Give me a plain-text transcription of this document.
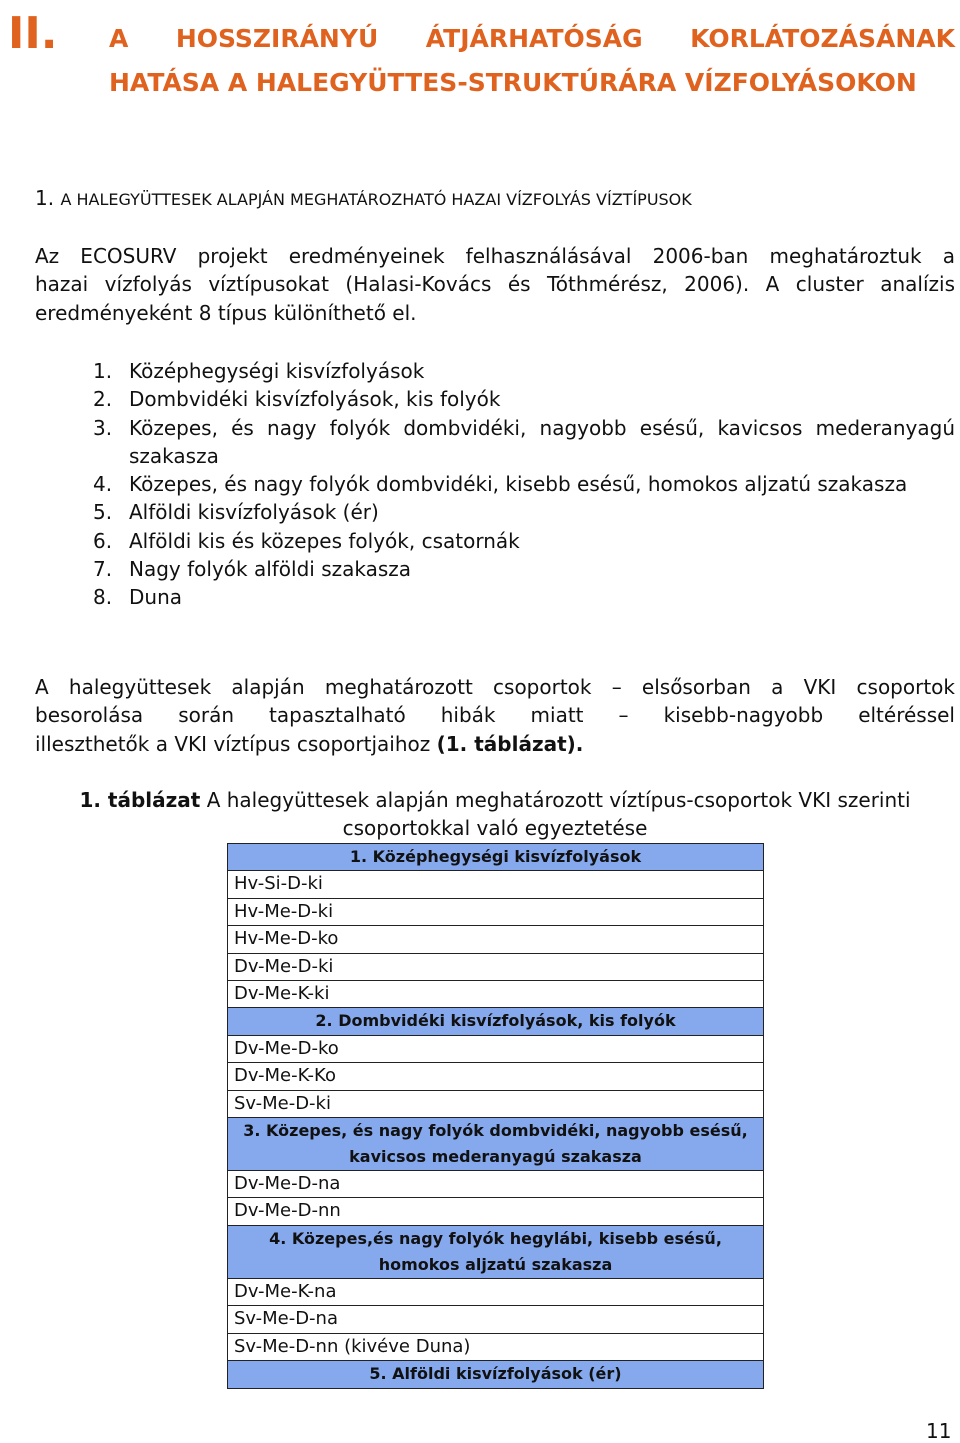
II. A HOSSZIRÁNYÚ ÁTJÁRHATÓSÁG KORLÁTOZÁSÁNAK
HATÁSA A HALEGYÜTTES-STRUKTÚRÁRA VÍZFOLYÁSOKON
1. A HALEGYÜTTESEK ALAPJÁN MEGHATÁROZHATÓ HAZAI VÍZFOLYÁS VÍZTÍPUSOK
Az ECOSURV projekt eredményeinek felhasználásával 2006-ban meghatároztuk a
hazai vízfolyás víztípusokat (Halasi-Kovács és Tóthmérész, 2006). A cluster analízis
eredményeként 8 típus különíthető el.
1. Középhegységi kisvízfolyások
2. Dombvidéki kisvízfolyások, kis folyók
3. Közepes, és nagy folyók dombvidéki, nagyobb esésű, kavicsos mederanyagú szakasza
4. Közepes, és nagy folyók dombvidéki, kisebb esésű, homokos aljzatú szakasza
5. Alföldi kisvízfolyások (ér)
6. Alföldi kis és közepes folyók, csatornák
7. Nagy folyók alföldi szakasza
8. Duna
A halegyüttesek alapján meghatározott csoportok – elsősorban a VKI csoportok
besorolása során tapasztalható hibák miatt – kisebb-nagyobb eltéréssel
illeszthetők a VKI víztípus csoportjaihoz (1. táblázat).
1. táblázat A halegyüttesek alapján meghatározott víztípus-csoportok VKI szerinti csoportokkal való egyeztetése
1. Középhegységi kisvízfolyások
Hv-Si-D-ki
Hv-Me-D-ki
Hv-Me-D-ko
Dv-Me-D-ki
Dv-Me-K-ki
2. Dombvidéki kisvízfolyások, kis folyók
Dv-Me-D-ko
Dv-Me-K-Ko
Sv-Me-D-ki
3. Közepes, és nagy folyók dombvidéki, nagyobb esésű,
kavicsos mederanyagú szakasza
Dv-Me-D-na
Dv-Me-D-nn
4. Közepes,és nagy folyók hegylábi, kisebb esésű,
homokos aljzatú szakasza
Dv-Me-K-na
Sv-Me-D-na
Sv-Me-D-nn (kivéve Duna)
5. Alföldi kisvízfolyások (ér)
11
